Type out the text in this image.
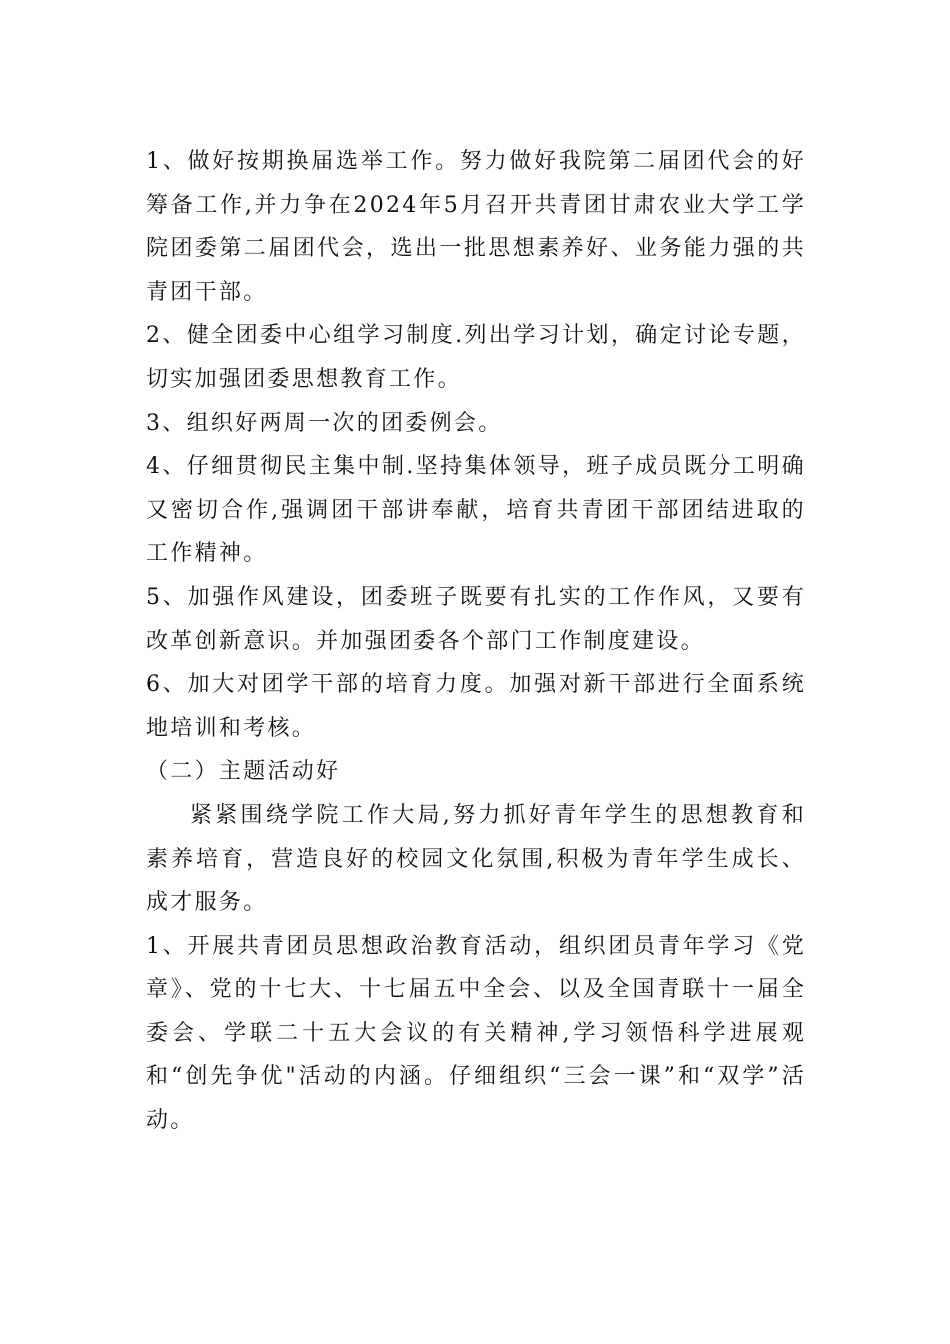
1、做好按期换届选举工作。努力做好我院第二届团代会的好筹备工作,并力争在2024年5月召开共青团甘肃农业大学工学院团委第二届团代会，选出一批思想素养好、业务能力强的共青团干部。

2、健全团委中心组学习制度.列出学习计划，确定讨论专题，切实加强团委思想教育工作。

3、组织好两周一次的团委例会。

4、仔细贯彻民主集中制.坚持集体领导，班子成员既分工明确又密切合作,强调团干部讲奉献，培育共青团干部团结进取的工作精神。

5、加强作风建设，团委班子既要有扎实的工作作风，又要有改革创新意识。并加强团委各个部门工作制度建设。

6、加大对团学干部的培育力度。加强对新干部进行全面系统地培训和考核。

（二）主题活动好

紧紧围绕学院工作大局,努力抓好青年学生的思想教育和素养培育，营造良好的校园文化氛围,积极为青年学生成长、成才服务。

1、开展共青团员思想政治教育活动，组织团员青年学习《党章》、党的十七大、十七届五中全会、以及全国青联十一届全委会、学联二十五大会议的有关精神,学习领悟科学进展观和“创先争优"活动的内涵。仔细组织“三会一课”和“双学”活动。
